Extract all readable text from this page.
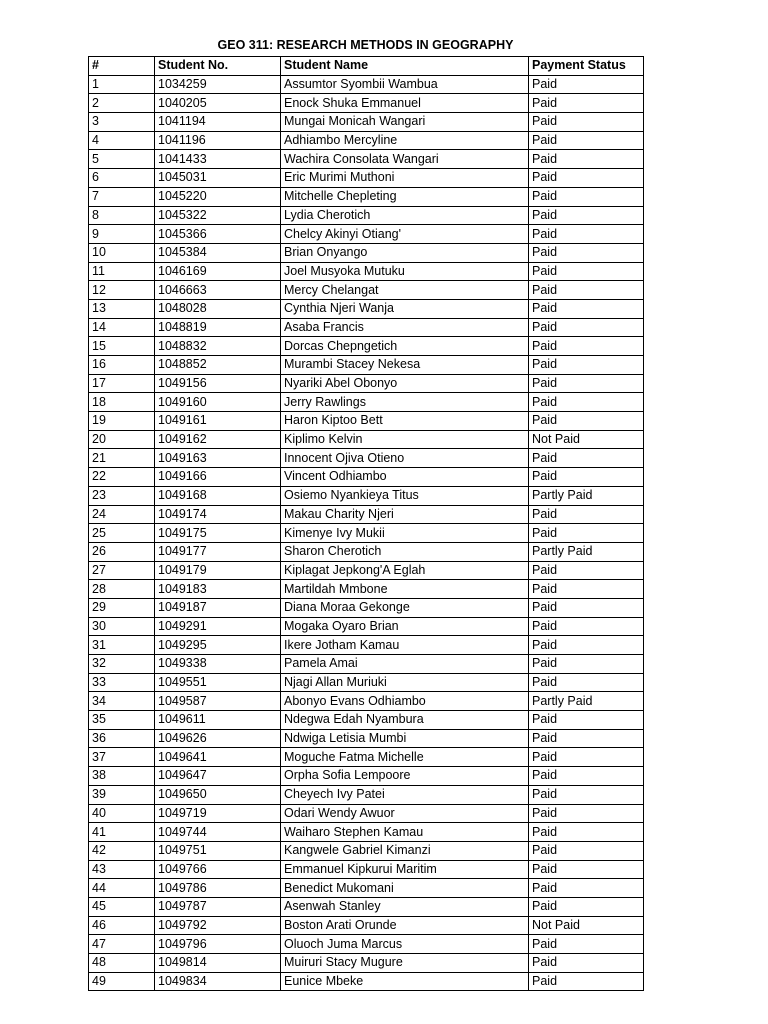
GEO 311: RESEARCH METHODS IN GEOGRAPHY
#	Student No.	Student Name	Payment Status
1	1034259	Assumtor Syombii Wambua	Paid
2	1040205	Enock Shuka Emmanuel	Paid
3	1041194	Mungai Monicah Wangari	Paid
4	1041196	Adhiambo Mercyline	Paid
5	1041433	Wachira Consolata Wangari	Paid
6	1045031	Eric Murimi Muthoni	Paid
7	1045220	Mitchelle Chepleting	Paid
8	1045322	Lydia Cherotich	Paid
9	1045366	Chelcy Akinyi Otiang'	Paid
10	1045384	Brian Onyango	Paid
11	1046169	Joel Musyoka Mutuku	Paid
12	1046663	Mercy Chelangat	Paid
13	1048028	Cynthia Njeri Wanja	Paid
14	1048819	Asaba Francis	Paid
15	1048832	Dorcas Chepngetich	Paid
16	1048852	Murambi Stacey Nekesa	Paid
17	1049156	Nyariki Abel Obonyo	Paid
18	1049160	Jerry Rawlings	Paid
19	1049161	Haron Kiptoo Bett	Paid
20	1049162	Kiplimo Kelvin	Not Paid
21	1049163	Innocent Ojiva Otieno	Paid
22	1049166	Vincent Odhiambo	Paid
23	1049168	Osiemo Nyankieya Titus	Partly Paid
24	1049174	Makau Charity Njeri	Paid
25	1049175	Kimenye Ivy Mukii	Paid
26	1049177	Sharon Cherotich	Partly Paid
27	1049179	Kiplagat Jepkong'A Eglah	Paid
28	1049183	Martildah Mmbone	Paid
29	1049187	Diana Moraa Gekonge	Paid
30	1049291	Mogaka Oyaro Brian	Paid
31	1049295	Ikere Jotham Kamau	Paid
32	1049338	Pamela Amai	Paid
33	1049551	Njagi Allan Muriuki	Paid
34	1049587	Abonyo Evans Odhiambo	Partly Paid
35	1049611	Ndegwa Edah Nyambura	Paid
36	1049626	Ndwiga Letisia Mumbi	Paid
37	1049641	Moguche Fatma Michelle	Paid
38	1049647	Orpha Sofia Lempoore	Paid
39	1049650	Cheyech Ivy Patei	Paid
40	1049719	Odari Wendy Awuor	Paid
41	1049744	Waiharo Stephen Kamau	Paid
42	1049751	Kangwele Gabriel Kimanzi	Paid
43	1049766	Emmanuel Kipkurui Maritim	Paid
44	1049786	Benedict Mukomani	Paid
45	1049787	Asenwah Stanley	Paid
46	1049792	Boston Arati Orunde	Not Paid
47	1049796	Oluoch Juma Marcus	Paid
48	1049814	Muiruri Stacy Mugure	Paid
49	1049834	Eunice Mbeke	Paid
